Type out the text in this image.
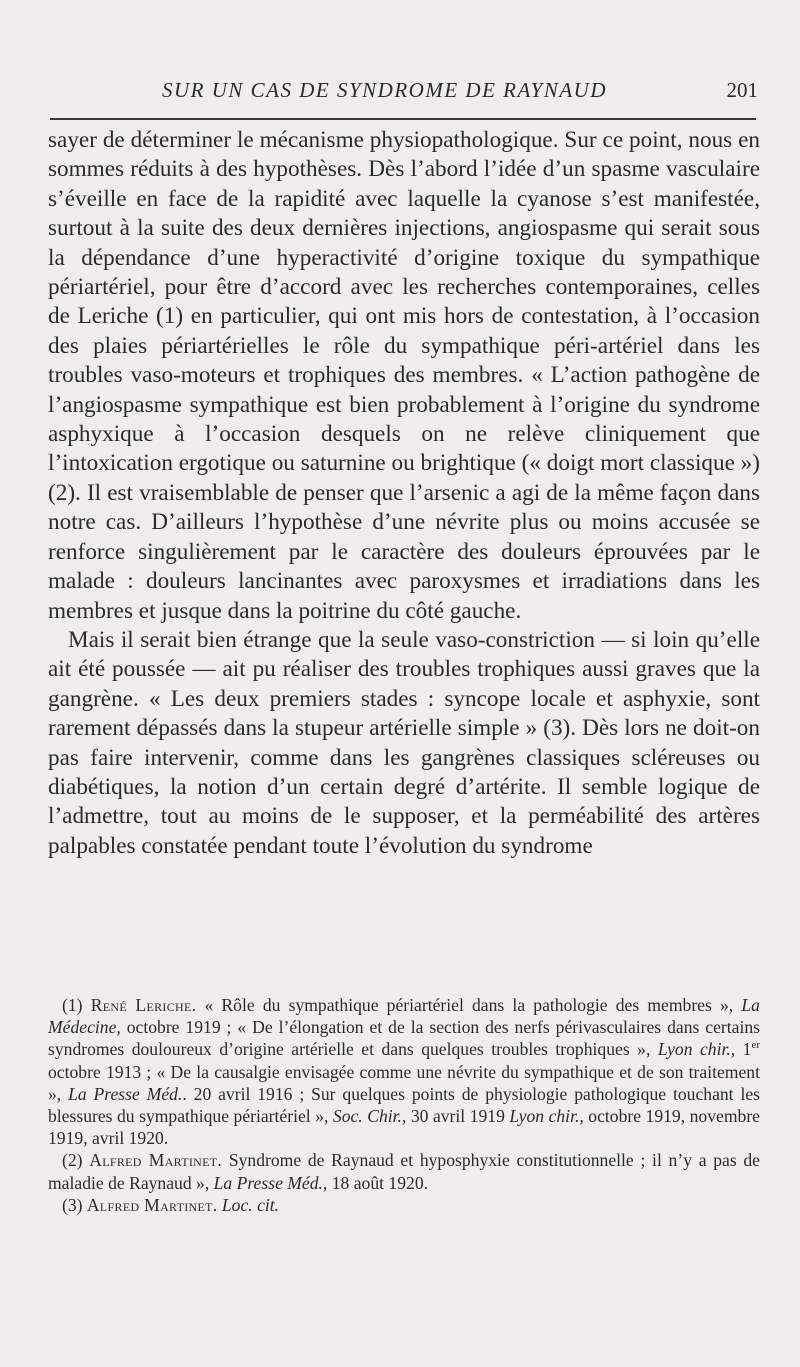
SUR UN CAS DE SYNDROME DE RAYNAUD	201

sayer de déterminer le mécanisme physiopathologique. Sur ce point, nous en sommes réduits à des hypothèses. Dès l’abord l’idée d’un spasme vasculaire s’éveille en face de la rapidité avec laquelle la cyanose s’est manifestée, surtout à la suite des deux dernières injections, angiospasme qui serait sous la dépendance d’une hyperactivité d’origine toxique du sympathique périartériel, pour être d’accord avec les recherches contemporaines, celles de Leriche (1) en particulier, qui ont mis hors de contestation, à l’occasion des plaies périartérielles le rôle du sympathique péri-artériel dans les troubles vaso-moteurs et trophiques des membres. « L’action pathogène de l’angiospasme sympathique est bien probablement à l’origine du syndrome asphyxique à l’occasion desquels on ne relève cliniquement que l’intoxication ergotique ou saturnine ou brightique (« doigt mort classique ») (2). Il est vraisemblable de penser que l’arsenic a agi de la même façon dans notre cas. D’ailleurs l’hypothèse d’une névrite plus ou moins accusée se renforce singulièrement par le caractère des douleurs éprouvées par le malade : douleurs lancinantes avec paroxysmes et irradiations dans les membres et jusque dans la poitrine du côté gauche.

Mais il serait bien étrange que la seule vaso-constriction — si loin qu’elle ait été poussée — ait pu réaliser des troubles trophiques aussi graves que la gangrène. « Les deux premiers stades : syncope locale et asphyxie, sont rarement dépassés dans la stupeur artérielle simple » (3). Dès lors ne doit-on pas faire intervenir, comme dans les gangrènes classiques scléreuses ou diabétiques, la notion d’un certain degré d’artérite. Il semble logique de l’admettre, tout au moins de le supposer, et la perméabilité des artères palpables constatée pendant toute l’évolution du syndrome

(1) René Leriche. « Rôle du sympathique périartériel dans la pathologie des membres », La Médecine, octobre 1919 ; « De l’élongation et de la section des nerfs périvasculaires dans certains syndromes douloureux d’origine artérielle et dans quelques troubles trophiques », Lyon chir., 1er octobre 1913 ; « De la causalgie envisagée comme une névrite du sympathique et de son traitement », La Presse Méd.. 20 avril 1916 ; Sur quelques points de physiologie pathologique touchant les blessures du sympathique périartériel », Soc. Chir., 30 avril 1919 Lyon chir., octobre 1919, novembre 1919, avril 1920.

(2) Alfred Martinet. Syndrome de Raynaud et hyposphyxie constitutionnelle ; il n’y a pas de maladie de Raynaud », La Presse Méd., 18 août 1920.

(3) Alfred Martinet. Loc. cit.
